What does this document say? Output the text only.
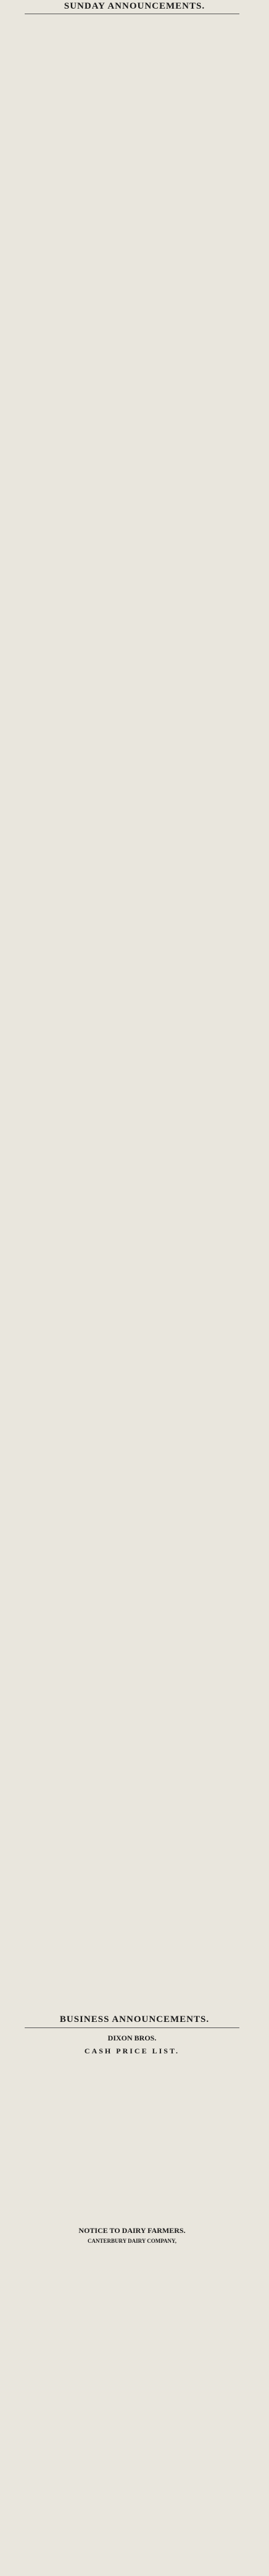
SUNDAY ANNOUNCEMENTS.
BUSINESS ANNOUNCEMENTS.
DIXON BROS.
CASH PRICE LIST.
NOTICE TO DAIRY FARMERS.

CANTERBURY DAIRY COMPANY,
